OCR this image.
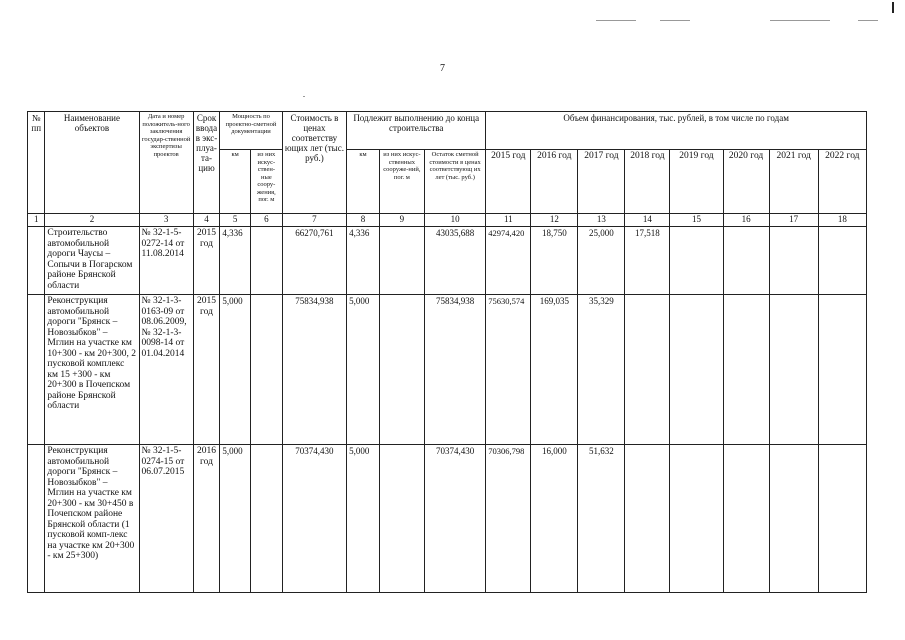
7
№ пп	Наименование объектов	Дата и номер положитель-ного заключения государ-ственной экспертизы проектов	Срок ввода в экс-плуа-та-цию	Мощность по проектно-сметной документации		Стоимость в ценах соответству ющих лет (тыс. руб.)	Подлежит выполнению до конца строительства			Объем финансирования, тыс. рублей, в том числе по годам							
				км	из них искус-ствен-ные соору-жения, пог. м		км	из них искус-ственных сооруже-ний, пог. м	Остаток сметной стоимости в ценах соответствующ их лет (тыс. руб.)	2015 год	2016 год	2017 год	2018 год	2019 год	2020 год	2021 год	2022 год
1	2	3	4	5	6	7	8	9	10	11	12	13	14	15	16	17	18
	Строительство автомобильной дороги Чаусы – Сопычи в Погарском районе Брянской области	№ 32-1-5-0272-14 от 11.08.2014	2015 год	4,336		66270,761	4,336		43035,688	42974,420	18,750	25,000	17,518				
	Реконструкция автомобильной дороги "Брянск – Новозыбков" – Мглин на участке км 10+300 - км 20+300, 2 пусковой комплекс км 15 +300 - км 20+300 в Почепском районе Брянской области	№ 32-1-3-0163-09 от 08.06.2009, № 32-1-3-0098-14 от 01.04.2014	2015 год	5,000		75834,938	5,000		75834,938	75630,574	169,035	35,329					
	Реконструкция автомобильной дороги "Брянск – Новозыбков" – Мглин на участке км 20+300 - км 30+450 в Почепском районе Брянской области (1 пусковой комп-лекс на участке км 20+300 - км 25+300)	№ 32-1-5-0274-15 от 06.07.2015	2016 год	5,000		70374,430	5,000		70374,430	70306,798	16,000	51,632					
